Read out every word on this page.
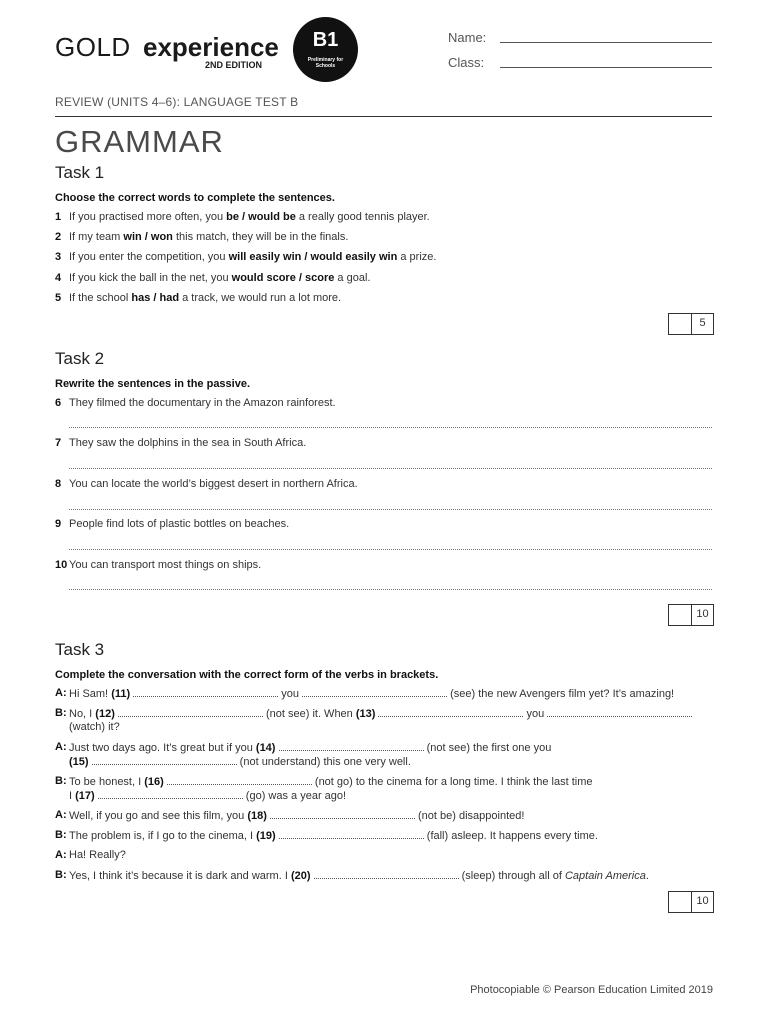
GOLD experience
2ND EDITION
B1
Preliminary for Schools
Name:
Class:
REVIEW (UNITS 4–6): LANGUAGE TEST B
GRAMMAR
Task 1
Choose the correct words to complete the sentences.
1 If you practised more often, you be / would be a really good tennis player.
2 If my team win / won this match, they will be in the finals.
3 If you enter the competition, you will easily win / would easily win a prize.
4 If you kick the ball in the net, you would score / score a goal.
5 If the school has / had a track, we would run a lot more.
5
Task 2
Rewrite the sentences in the passive.
6 They filmed the documentary in the Amazon rainforest.
7 They saw the dolphins in the sea in South Africa.
8 You can locate the world’s biggest desert in northern Africa.
9 People find lots of plastic bottles on beaches.
10 You can transport most things on ships.
10
Task 3
Complete the conversation with the correct form of the verbs in brackets.
A: Hi Sam! (11)	you	(see) the new Avengers film yet? It’s amazing!
B: No, I (12)	(not see) it. When (13)	you
(watch) it?
A: Just two days ago. It’s great but if you (14)	(not see) the first one you
(15)	(not understand) this one very well.
B: To be honest, I (16)	(not go) to the cinema for a long time. I think the last time
I (17)	(go) was a year ago!
A: Well, if you go and see this film, you (18)	(not be) disappointed!
B: The problem is, if I go to the cinema, I (19)	(fall) asleep. It happens every time.
A: Ha! Really?
B: Yes, I think it’s because it is dark and warm. I (20)	(sleep) through all of Captain America.
10
Photocopiable © Pearson Education Limited 2019
